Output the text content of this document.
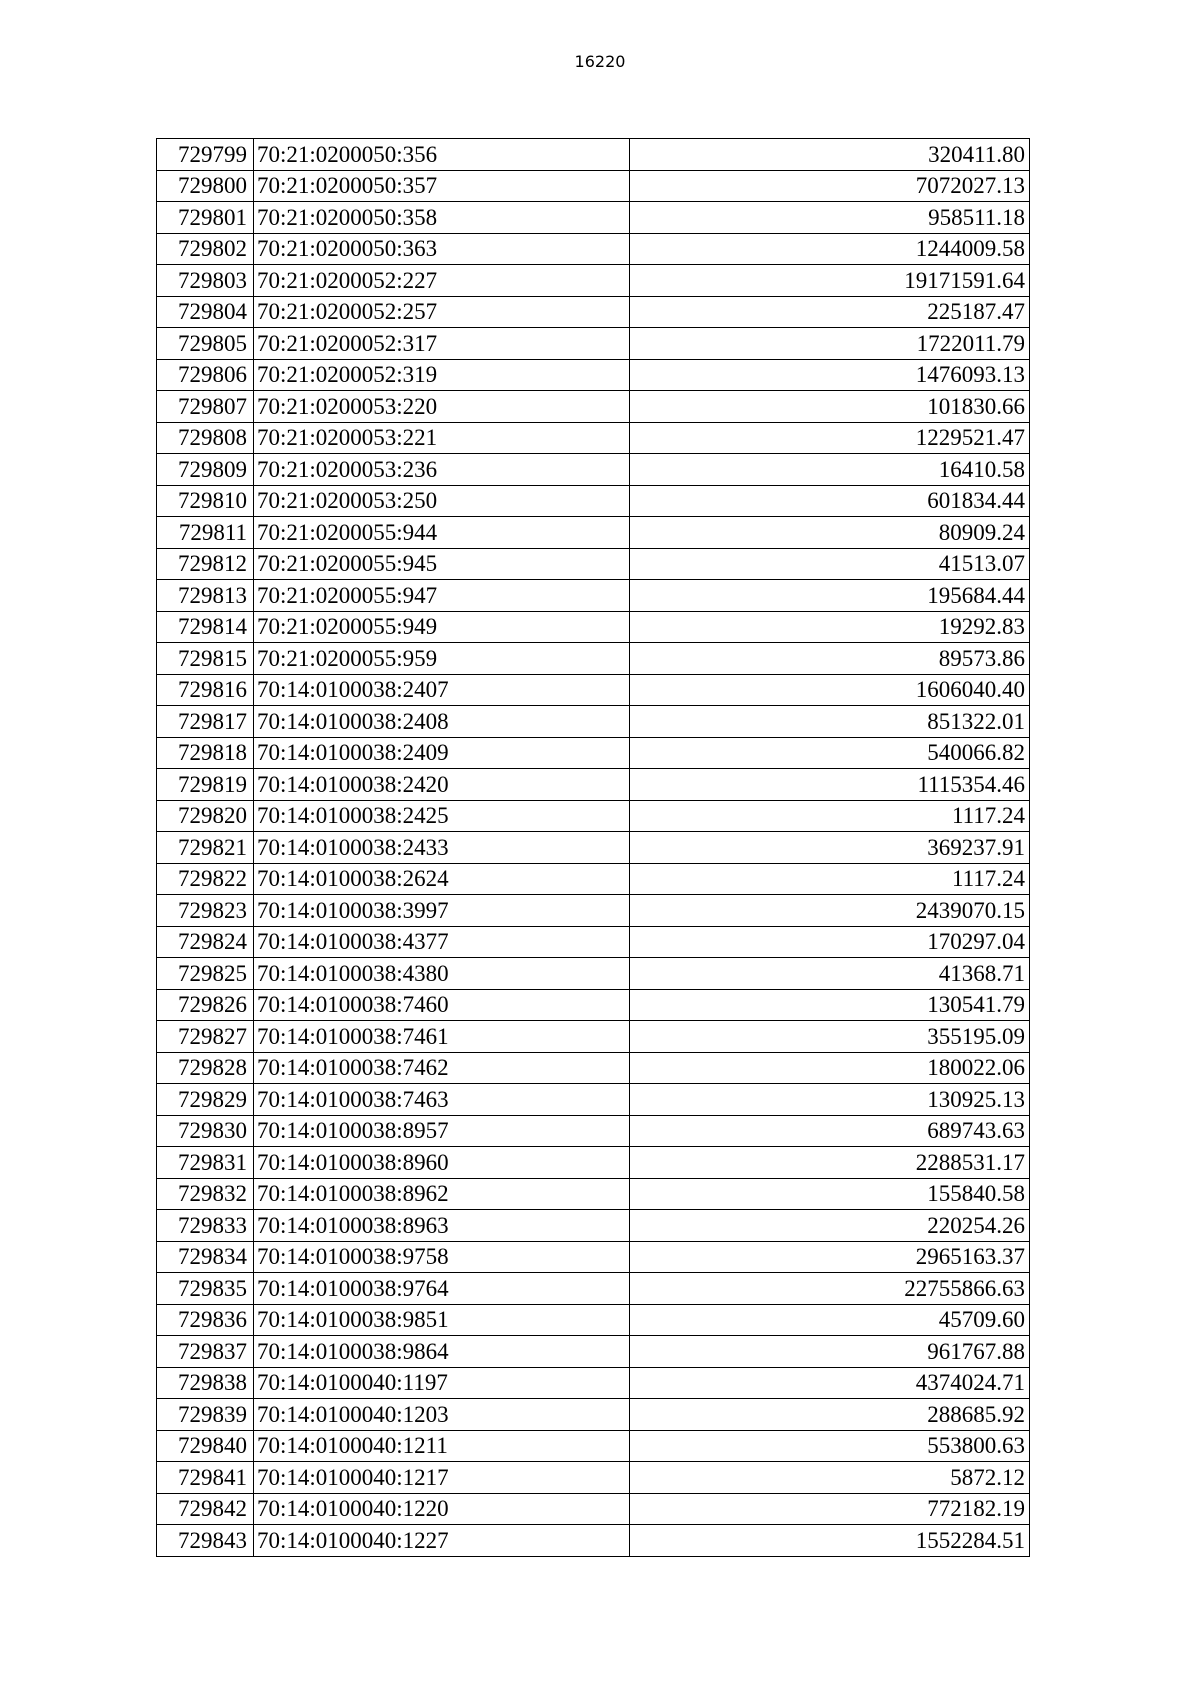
16220
729799	70:21:0200050:356	320411.80
729800	70:21:0200050:357	7072027.13
729801	70:21:0200050:358	958511.18
729802	70:21:0200050:363	1244009.58
729803	70:21:0200052:227	19171591.64
729804	70:21:0200052:257	225187.47
729805	70:21:0200052:317	1722011.79
729806	70:21:0200052:319	1476093.13
729807	70:21:0200053:220	101830.66
729808	70:21:0200053:221	1229521.47
729809	70:21:0200053:236	16410.58
729810	70:21:0200053:250	601834.44
729811	70:21:0200055:944	80909.24
729812	70:21:0200055:945	41513.07
729813	70:21:0200055:947	195684.44
729814	70:21:0200055:949	19292.83
729815	70:21:0200055:959	89573.86
729816	70:14:0100038:2407	1606040.40
729817	70:14:0100038:2408	851322.01
729818	70:14:0100038:2409	540066.82
729819	70:14:0100038:2420	1115354.46
729820	70:14:0100038:2425	1117.24
729821	70:14:0100038:2433	369237.91
729822	70:14:0100038:2624	1117.24
729823	70:14:0100038:3997	2439070.15
729824	70:14:0100038:4377	170297.04
729825	70:14:0100038:4380	41368.71
729826	70:14:0100038:7460	130541.79
729827	70:14:0100038:7461	355195.09
729828	70:14:0100038:7462	180022.06
729829	70:14:0100038:7463	130925.13
729830	70:14:0100038:8957	689743.63
729831	70:14:0100038:8960	2288531.17
729832	70:14:0100038:8962	155840.58
729833	70:14:0100038:8963	220254.26
729834	70:14:0100038:9758	2965163.37
729835	70:14:0100038:9764	22755866.63
729836	70:14:0100038:9851	45709.60
729837	70:14:0100038:9864	961767.88
729838	70:14:0100040:1197	4374024.71
729839	70:14:0100040:1203	288685.92
729840	70:14:0100040:1211	553800.63
729841	70:14:0100040:1217	5872.12
729842	70:14:0100040:1220	772182.19
729843	70:14:0100040:1227	1552284.51
